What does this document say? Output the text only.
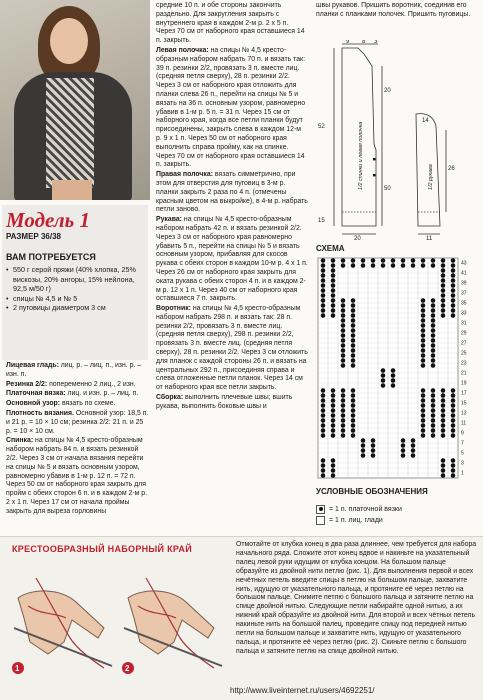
Модель 1
РАЗМЕР 36/38
ВАМ ПОТРЕБУЕТСЯ
• 550 г серой пряжи (40% хлопка, 25% вискозы, 20% ангоры, 15% нейлона, 92,5 м/50 г)
• спицы № 4,5 и № 5
• 2 пуговицы диаметром 3 см

Лицевая гладь: лиц. р. – лиц. п., изн. р. – изн. п.

Резинка 2/2: попеременно 2 лиц., 2 изн.

Платочная вязка: лиц. и изн. р. – лиц. п.

Основной узор: вязать по схеме.

Плотность вязания. Основной узор: 18,5 п. и 21 р. = 10 × 10 см; резинка 2/2: 21 п. и 25 р. = 10 × 10 см.

Спинка: на спицы № 4,5 кресто-образным набором набрать 84 п. и вязать резинкой 2/2. Через 3 см от начала вязания перейти на спицы № 5 и вязать основным узором, равномерно убавив в 1-м р. 12 п. = 72 п. Через 50 см от наборного края закрыть для пройм с обеих сторон 6 п. и в каждом 2-м р. 2 х 1 п. Через 17 см от начала проймы закрыть для выреза горловины

средние 10 п. и обе стороны закончить раздельно. Для закругления закрыть с внутреннего края в каждом 2-м р. 2 х 5 п. Через 70 см от наборного края оставшиеся 14 п. закрыть.

Левая полочка: на спицы № 4,5 кресто-образным набором набрать 70 п. и вязать так: 39 п. резинки 2/2, провязать 3 п. вместе лиц. (средняя петля сверху), 28 п. резинки 2/2. Через 3 см от наборного края отложить для планки слева 26 п., перейти на спицы № 5 и вязать на 36 п. основным узором, равномерно убавив в 1-м р. 5 п. = 31 п. Через 15 см от наборного края, когда все петли планки будут присоединены, закрыть слева в каждом 12-м р. 9 х 1 п. Через 50 см от наборного края выполнить справа пройму, как на спинке. Через 70 см от наборного края оставшиеся 14 п. закрыть.

Правая полочка: вязать симметрично, при этом для отверстия для пуговиц в 3-м р. планки закрыть 2 раза по 4 п. (отмечены красным цветом на выкройке), в 4-м р. набрать петли заново.

Рукава: на спицы № 4,5 кресто-образным набором набрать 42 п. и вязать резинкой 2/2. Через 3 см от наборного края равномерно убавить 5 п., перейти на спицы № 5 и вязать основным узором, прибавляя для скосов рукава с обеих сторон в каждом 10-м р. 4 х 1 п. Через 26 см от наборного края закрыть для оката рукава с обеих сторон 4 п. и в каждом 2-м р. 12 х 1 п. Через 40 см от наборного края оставшиеся 7 п. закрыть.

Воротник: на спицы № 4,5 кресто-образным набором набрать 298 п. и вязать так: 28 п. резинки 2/2, провязать 3 п. вместе лиц. (средняя петля сверху), 298 п. резинки 2/2, провязать 3 п. вместе лиц. (средняя петля сверху), 28 п. резинки 2/2. Через 3 см отложить для планок с каждой стороны 26 п. и вязать на центральных 292 п., присоединяя справа и слева отложенные петли планок. Через 14 см от наборного края все петли закрыть.

Сборка: выполнить плечевые швы; вшить рукава, выполнить боковые швы и

швы рукавов. Пришить воротник, соединив его планки с планками полочек. Пришить пуговицы.

9 8 3
52
15
20
50
26
14
20	11
1/2 спинки и левая полочка	1/2 рукава
СХЕМА
43
41
39
37
35
33
31
29
27
25
23
21
19
17
15
13
11
9
7
5
3
1
УСЛОВНЫЕ ОБОЗНАЧЕНИЯ
= 1 п. платочной вязки
= 1 п. лиц. глади
КРЕСТООБРАЗНЫЙ НАБОРНЫЙ КРАЙ
1	2
Отмотайте от клубка конец в два раза длиннее, чем требуется для набора начального ряда. Сложите этот конец вдвое и накиньте на указательный палец левой руки идущим от клубка концом. На большом пальце образуйте из двойной нити петлю (рис. 1). Для выполнения первой и всех нечётных петель введите спицы в петлю на большом пальце, захватите нить, идущую от указательного пальца, и протяните её через петлю на большом пальце. Снимите петлю с большого пальца и затяните петлю на спице двойной нитью. Следующие петли набирайте одной нитью, а их нижний край образуйте из двойной нити. Для второй и всех чётных петель накиньте нить на большой палец, проведите спицу под передней нитью петли на большом пальце и захватите нить, идущую от указательного пальца, и протяните её через петлю (рис. 2). Скиньте петлю с большого пальца и затяните петлю на спице двойной нитью.
http://www.liveinternet.ru/users/4692251/
